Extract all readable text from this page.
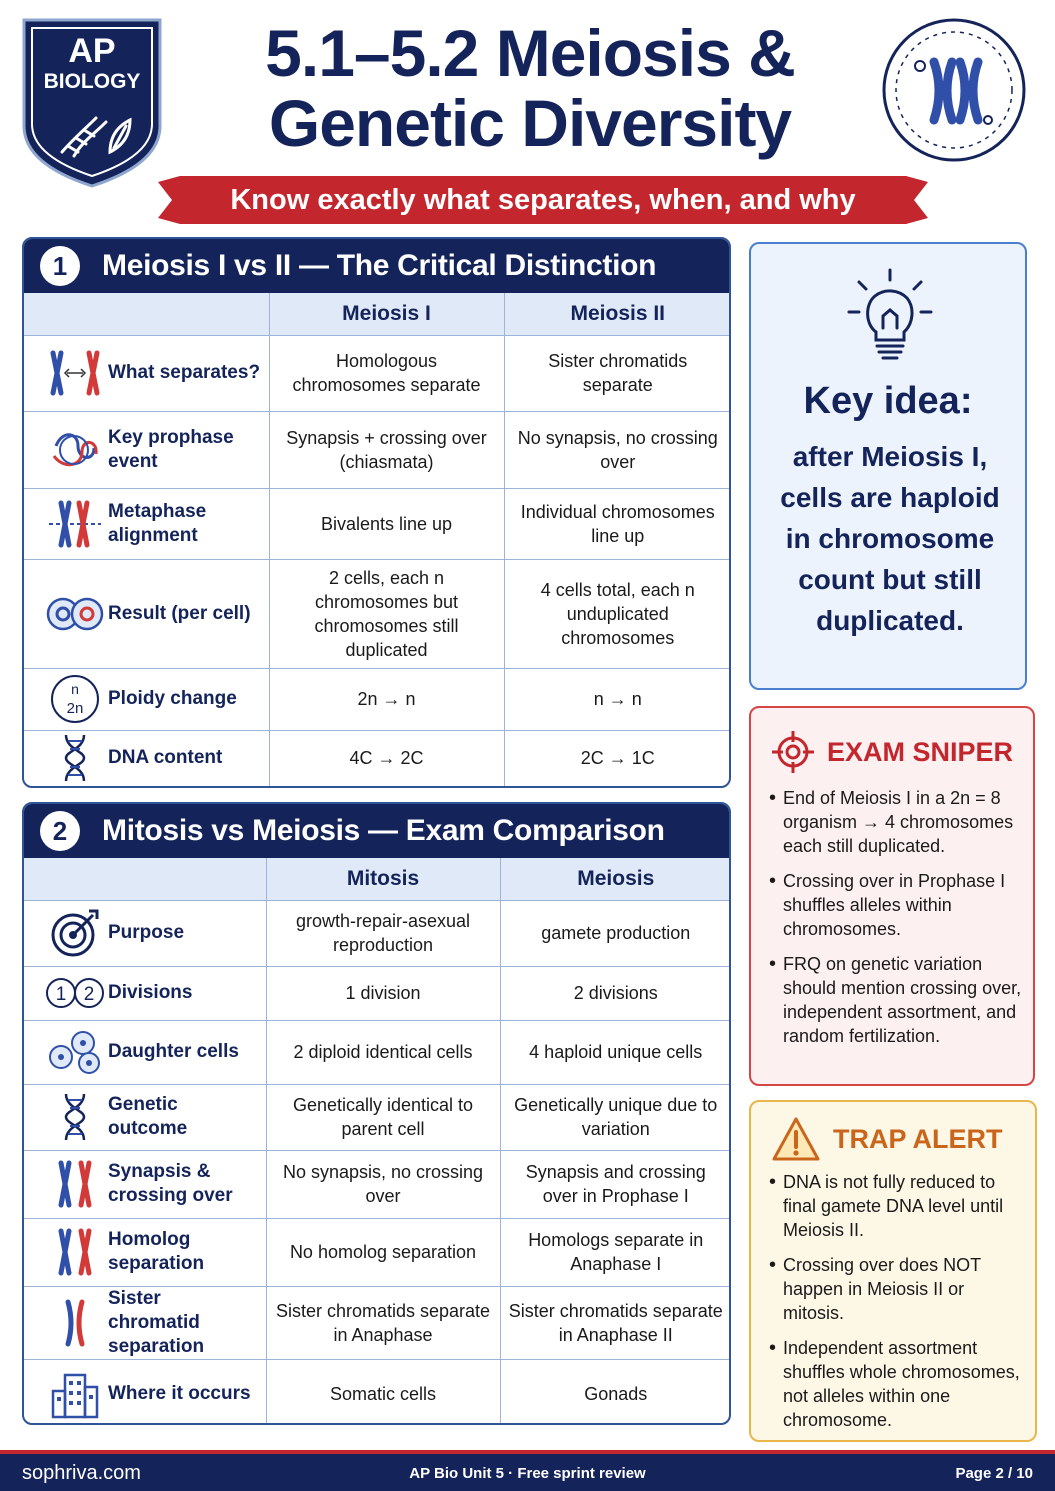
AP
BIOLOGY	5.1–5.2 Meiosis &
Genetic Diversity
Know exactly what separates, when, and why
1	Meiosis I vs II — The Critical Distinction
	Meiosis I	Meiosis II

What separates?	Homologous chromosomes separate	Sister chromatids separate

Key prophase event	Synapsis + crossing over (chiasmata)	No synapsis, no crossing over

Metaphase alignment	Bivalents line up	Individual chromosomes line up

Result (per cell)	2 cells, each n chromosomes but chromosomes still duplicated	4 cells total, each n unduplicated chromosomes

n
2n Ploidy change	2n → n	n → n

DNA content	4C → 2C	2C → 1C
2	Mitosis vs Meiosis — Exam Comparison
	Mitosis	Meiosis

Purpose	growth-repair-asexual reproduction	gamete production

1 2 Divisions	1 division	2 divisions

Daughter cells	2 diploid identical cells	4 haploid unique cells

Genetic outcome	Genetically identical to parent cell	Genetically unique due to variation

Synapsis & crossing over	No synapsis, no crossing over	Synapsis and crossing over in Prophase I

Homolog separation	No homolog separation	Homologs separate in Anaphase I

Sister chromatid separation	Sister chromatids separate in Anaphase	Sister chromatids separate in Anaphase II

Where it occurs	Somatic cells	Gonads
Key idea:
after Meiosis I, cells are haploid in chromosome count but still duplicated.
EXAM SNIPER
• End of Meiosis I in a 2n = 8 organism → 4 chromosomes each still duplicated.
• Crossing over in Prophase I shuffles alleles within chromosomes.
• FRQ on genetic variation should mention crossing over, independent assortment, and random fertilization.
TRAP ALERT
• DNA is not fully reduced to final gamete DNA level until Meiosis II.
• Crossing over does NOT happen in Meiosis II or mitosis.
• Independent assortment shuffles whole chromosomes, not alleles within one chromosome.
sophriva.com	AP Bio Unit 5 · Free sprint review	Page 2 / 10
